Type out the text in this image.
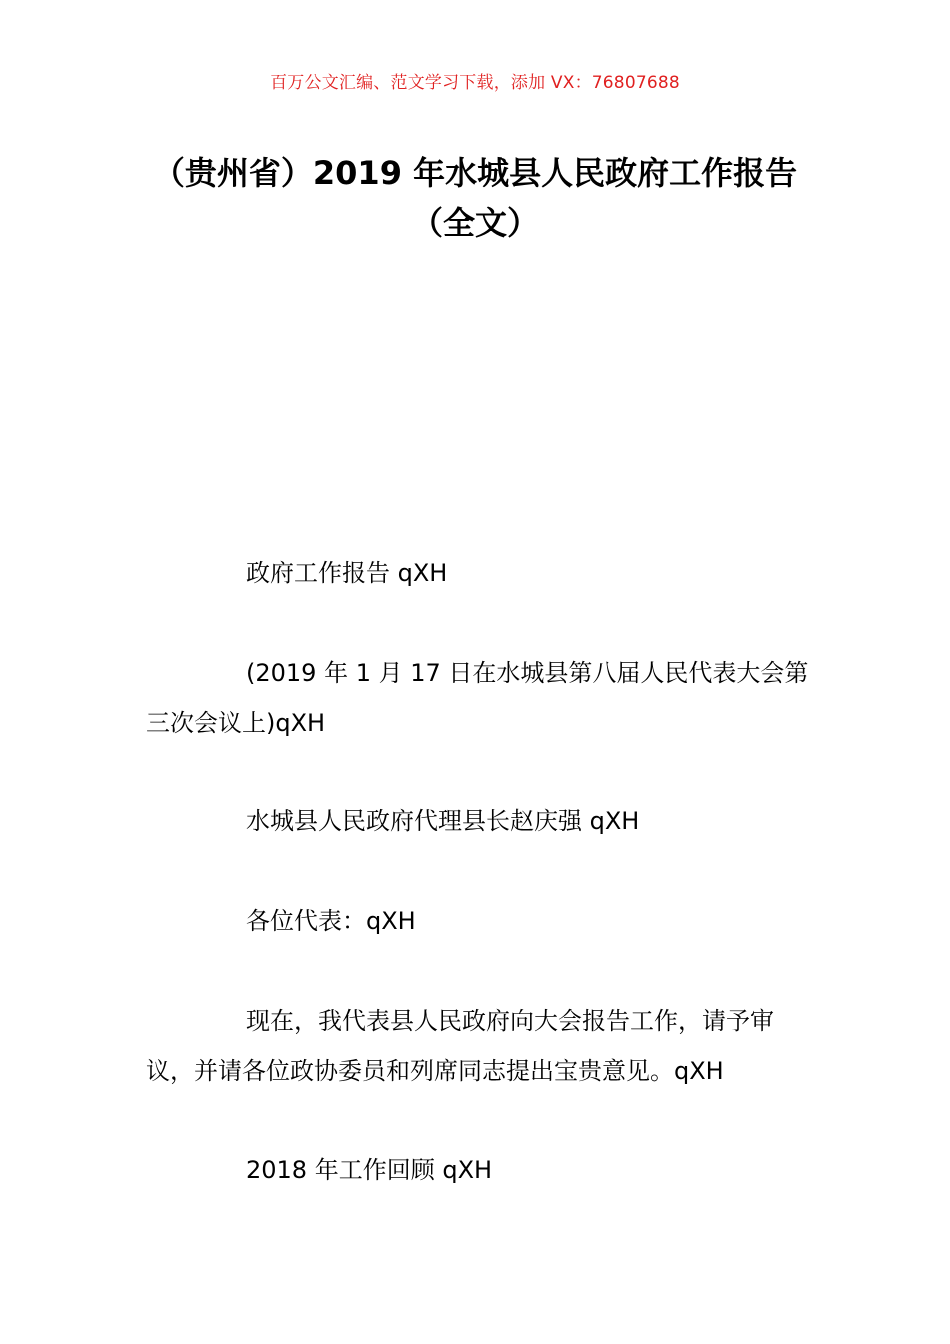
百万公文汇编、范文学习下载，添加 VX：76807688
（贵州省）2019 年水城县人民政府工作报告（全文）
政府工作报告 qXH
(2019 年 1 月 17 日在水城县第八届人民代表大会第三次会议上)qXH
水城县人民政府代理县长赵庆强 qXH
各位代表：qXH
现在，我代表县人民政府向大会报告工作，请予审议，并请各位政协委员和列席同志提出宝贵意见。qXH
2018 年工作回顾 qXH
